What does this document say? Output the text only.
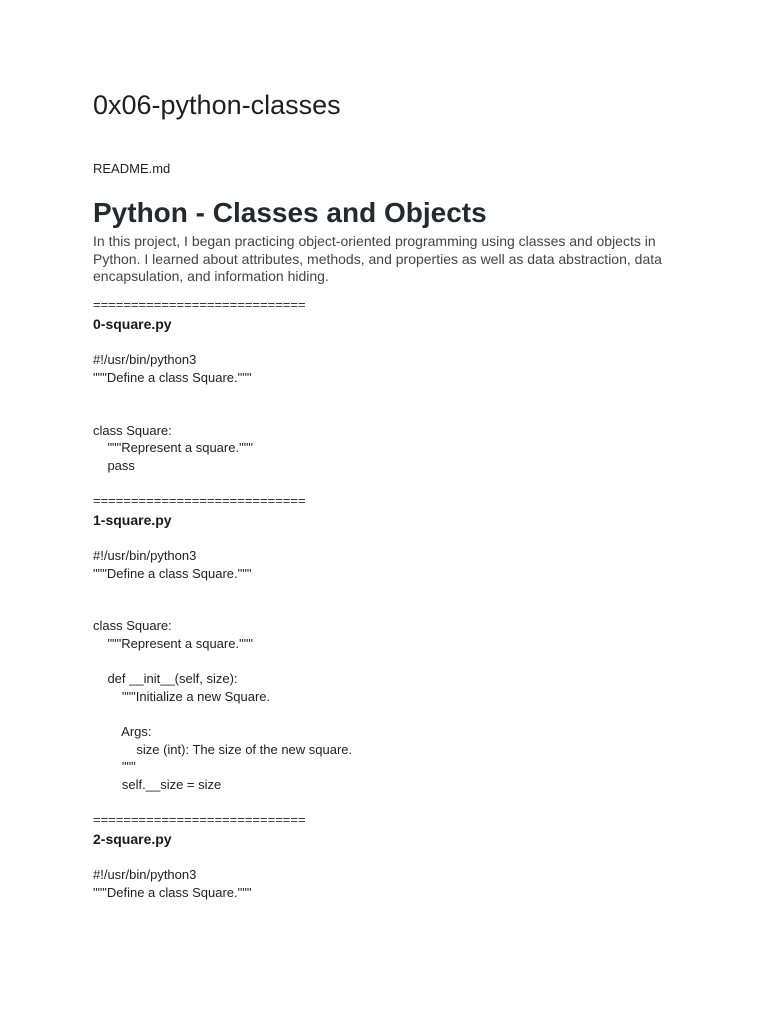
0x06-python-classes
README.md
Python - Classes and Objects

In this project, I began practicing object-oriented programming using classes and objects in Python. I learned about attributes, methods, and properties as well as data abstraction, data encapsulation, and information hiding.

============================
0-square.py
#!/usr/bin/python3
"""Define a class Square."""
class Square:
"""Represent a square."""
pass
============================
1-square.py
#!/usr/bin/python3
"""Define a class Square."""
class Square:
"""Represent a square."""
def __init__(self, size):
"""Initialize a new Square.
Args:
size (int): The size of the new square.
"""
self.__size = size
============================
2-square.py
#!/usr/bin/python3
"""Define a class Square."""
